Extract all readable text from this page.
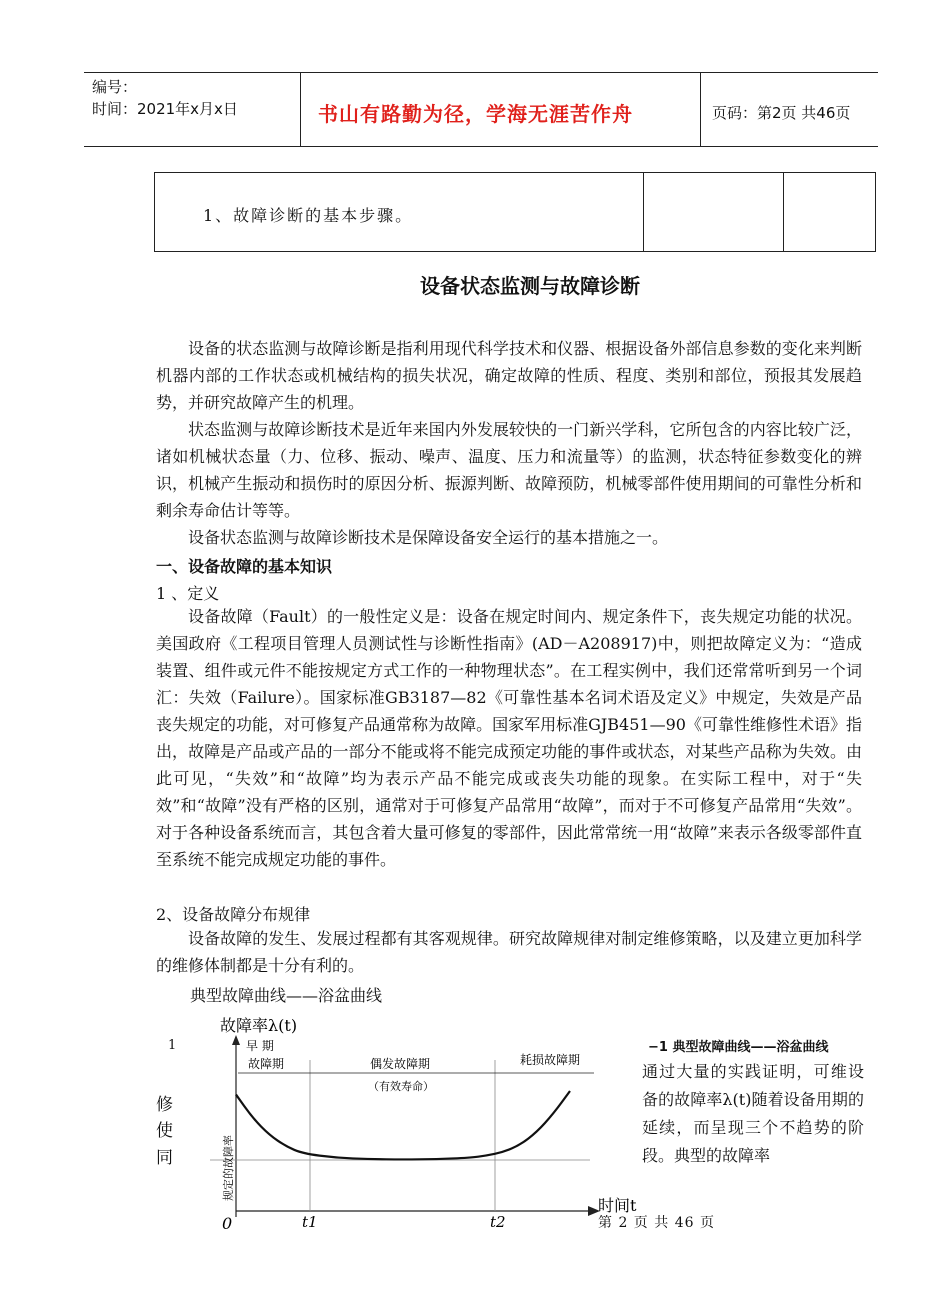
编号：
时间：2021年x月x日	书山有路勤为径，学海无涯苦作舟	页码：第2页 共46页
1、故障诊断的基本步骤。
设备状态监测与故障诊断

设备的状态监测与故障诊断是指利用现代科学技术和仪器、根据设备外部信息参数的变化来判断机器内部的工作状态或机械结构的损失状况，确定故障的性质、程度、类别和部位，预报其发展趋势，并研究故障产生的机理。

状态监测与故障诊断技术是近年来国内外发展较快的一门新兴学科，它所包含的内容比较广泛，诸如机械状态量（力、位移、振动、噪声、温度、压力和流量等）的监测，状态特征参数变化的辨识，机械产生振动和损伤时的原因分析、振源判断、故障预防，机械零部件使用期间的可靠性分析和剩余寿命估计等等。

设备状态监测与故障诊断技术是保障设备安全运行的基本措施之一。

一、设备故障的基本知识
1 、定义

设备故障（Fault）的一般性定义是：设备在规定时间内、规定条件下，丧失规定功能的状况。美国政府《工程项目管理人员测试性与诊断性指南》(AD－A208917)中，则把故障定义为：“造成装置、组件或元件不能按规定方式工作的一种物理状态”。在工程实例中，我们还常常听到另一个词汇：失效（Failure）。国家标准GB3187—82《可靠性基本名词术语及定义》中规定，失效是产品丧失规定的功能，对可修复产品通常称为故障。国家军用标准GJB451—90《可靠性维修性术语》指出，故障是产品或产品的一部分不能或将不能完成预定功能的事件或状态，对某些产品称为失效。由此可见，“失效”和“故障”均为表示产品不能完成或丧失功能的现象。在实际工程中，对于“失效”和“故障”没有严格的区别，通常对于可修复产品常用“故障”，而对于不可修复产品常用“失效”。对于各种设备系统而言，其包含着大量可修复的零部件，因此常常统一用“故障”来表示各级零部件直至系统不能完成规定功能的事件。

2、设备故障分布规律

设备故障的发生、发展过程都有其客观规律。研究故障规律对制定维修策略，以及建立更加科学的维修体制都是十分有利的。

典型故障曲线——浴盆曲线
故障率λ(t)
早 期
故障期	偶发故障期
（有效寿命）
耗损故障期
规定的故障率
0	t1	t2
时间t
1
修
使
同
−1 典型故障曲线——浴盆曲线

通过大量的实践证明，可维设备的故障率λ(t)随着设备用期的延续，而呈现三个不趋势的阶段。典型的故障率

第 2 页 共 46 页
